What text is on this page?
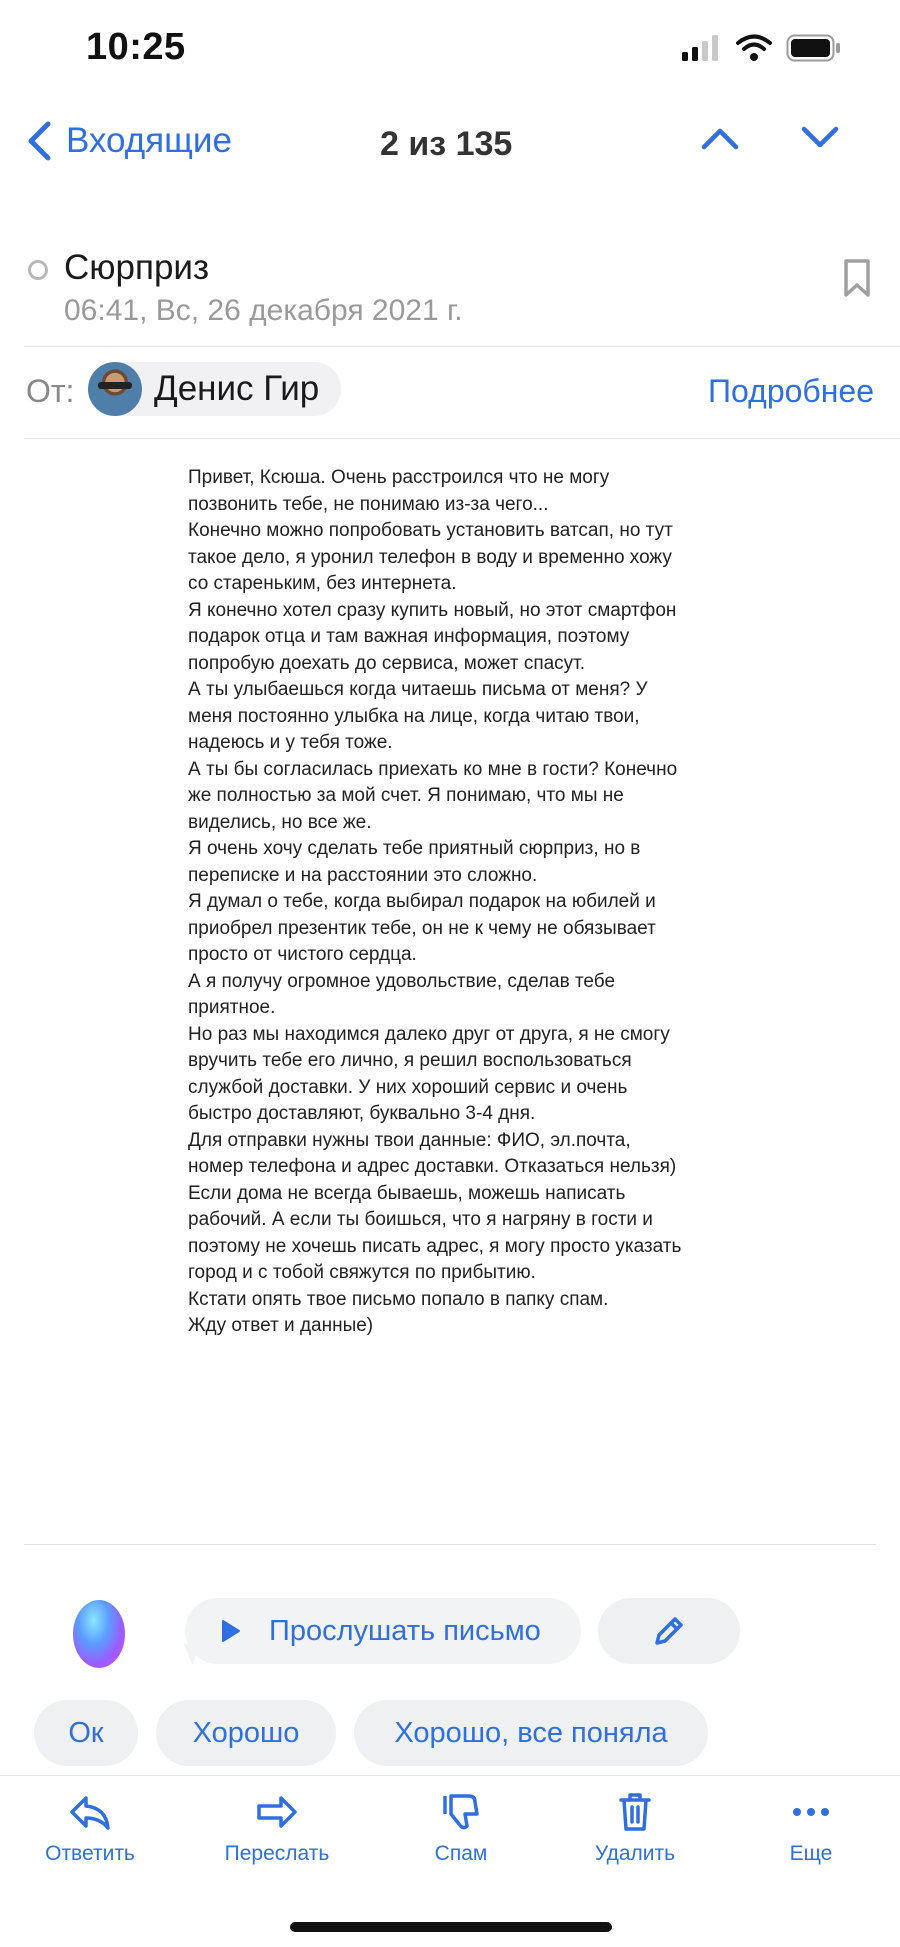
10:25
Входящие	2 из 135
Сюрприз
06:41, Вс, 26 декабря 2021 г.
От: Денис Гир	Подробнее

Привет, Ксюша. Очень расстроился что не могу позвонить тебе, не понимаю из-за чего...

Конечно можно попробовать установить ватсап, но тут такое дело, я уронил телефон в воду и временно хожу со стареньким, без интернета.

Я конечно хотел сразу купить новый, но этот смартфон подарок отца и там важная информация, поэтому попробую доехать до сервиса, может спасут.

А ты улыбаешься когда читаешь письма от меня? У меня постоянно улыбка на лице, когда читаю твои, надеюсь и у тебя тоже.

А ты бы согласилась приехать ко мне в гости? Конечно же полностью за мой счет. Я понимаю, что мы не виделись, но все же.

Я очень хочу сделать тебе приятный сюрприз, но в переписке и на расстоянии это сложно.

Я думал о тебе, когда выбирал подарок на юбилей и приобрел презентик тебе, он не к чему не обязывает просто от чистого сердца.

А я получу огромное удовольствие, сделав тебе приятное.

Но раз мы находимся далеко друг от друга, я не смогу вручить тебе его лично, я решил воспользоваться службой доставки. У них хороший сервис и очень быстро доставляют, буквально 3-4 дня.

Для отправки нужны твои данные: ФИО, эл.почта, номер телефона и адрес доставки. Отказаться нельзя)

Если дома не всегда бываешь, можешь написать рабочий. А если ты боишься, что я нагряну в гости и поэтому не хочешь писать адрес, я могу просто указать город и с тобой свяжутся по прибытию.

Кстати опять твое письмо попало в папку спам.

Жду ответ и данные)

Прослушать письмо
Ок	Хорошо	Хорошо, все поняла
Ответить	Переслать	Спам	Удалить	Еще
